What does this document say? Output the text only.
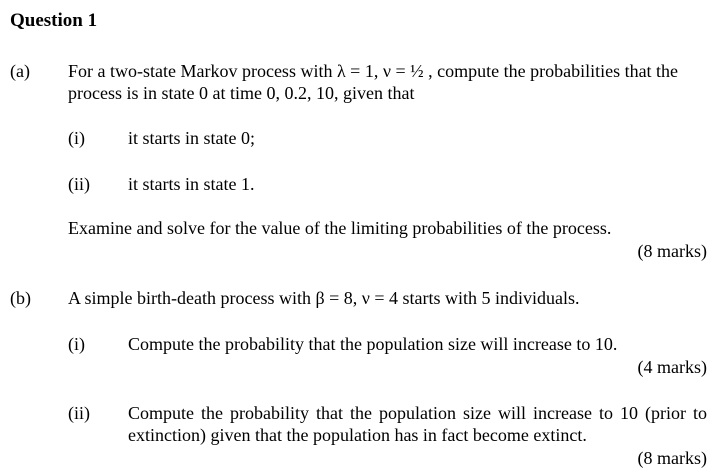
Question 1
(a) For a two-state Markov process with λ = 1, ν = ½ , compute the probabilities that the process is in state 0 at time 0, 0.2, 10, given that
(i) it starts in state 0;
(ii) it starts in state 1.
Examine and solve for the value of the limiting probabilities of the process.
(8 marks)
(b) A simple birth-death process with β = 8, ν = 4 starts with 5 individuals.
(i) Compute the probability that the population size will increase to 10.
(4 marks)
(ii) Compute the probability that the population size will increase to 10 (prior to extinction) given that the population has in fact become extinct.
(8 marks)
